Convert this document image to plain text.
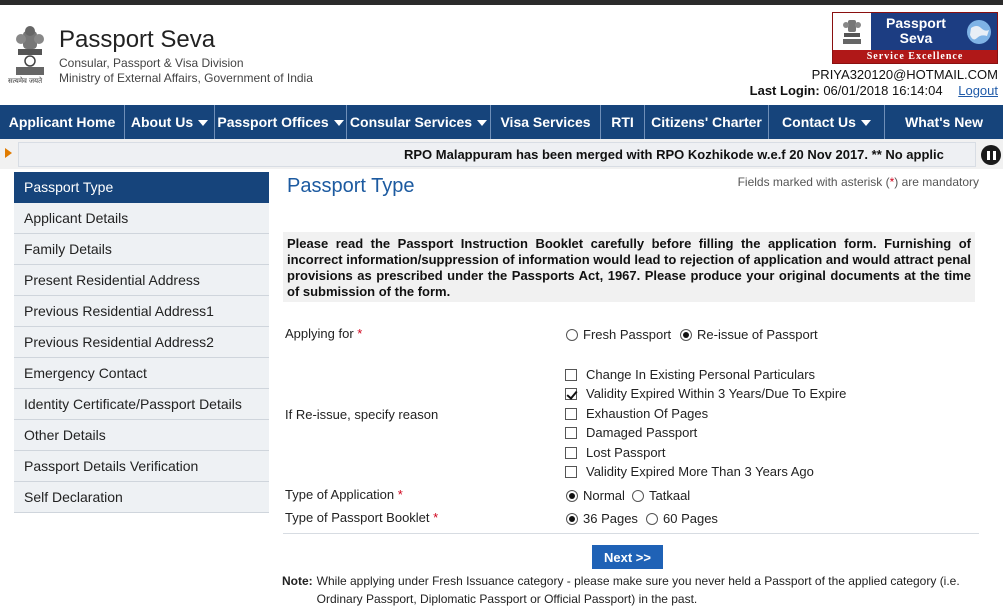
सत्यमेव जयते
Passport Seva
Consular, Passport & Visa Division
Ministry of External Affairs, Government of India
Passport
Seva
Service Excellence
PRIYA320120@HOTMAIL.COM
Last Login: 06/01/2018 16:14:04 Logout
Applicant Home About Us Passport Offices Consular Services Visa Services RTI Citizens' Charter Contact Us	What's New
RPO Malappuram has been merged with RPO Kozhikode w.e.f 20 Nov 2017. ** No applic
Passport Type
Applicant Details
Family Details
Present Residential Address
Previous Residential Address1
Previous Residential Address2
Emergency Contact
Identity Certificate/Passport Details
Other Details
Passport Details Verification
Self Declaration
Passport Type	Fields marked with asterisk (*) are mandatory
Please read the Passport Instruction Booklet carefully before filling the application form. Furnishing of incorrect information/suppression of information would lead to rejection of application and would attract penal provisions as prescribed under the Passports Act, 1967. Please produce your original documents at the time of submission of the form.
Applying for *	Fresh Passport Re-issue of Passport
If Re-issue, specify reason
Change In Existing Personal Particulars
Validity Expired Within 3 Years/Due To Expire
Exhaustion Of Pages
Damaged Passport
Lost Passport
Validity Expired More Than 3 Years Ago
Type of Application *	Normal Tatkaal
Type of Passport Booklet *	36 Pages 60 Pages
Next >>
Note: While applying under Fresh Issuance category - please make sure you never held a Passport of the applied category (i.e. Ordinary Passport, Diplomatic Passport or Official Passport) in the past.
